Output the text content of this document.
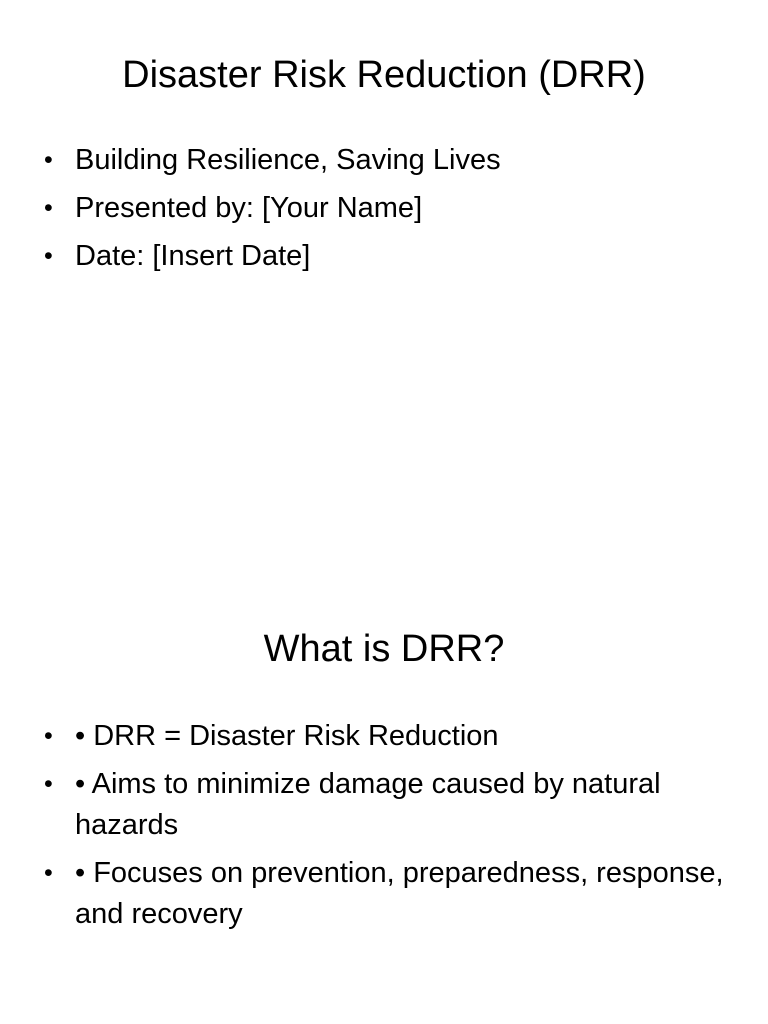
Disaster Risk Reduction (DRR)
• Building Resilience, Saving Lives
• Presented by: [Your Name]
• Date: [Insert Date]
What is DRR?
• • DRR = Disaster Risk Reduction
• • Aims to minimize damage caused by natural hazards
• • Focuses on prevention, preparedness, response, and recovery
